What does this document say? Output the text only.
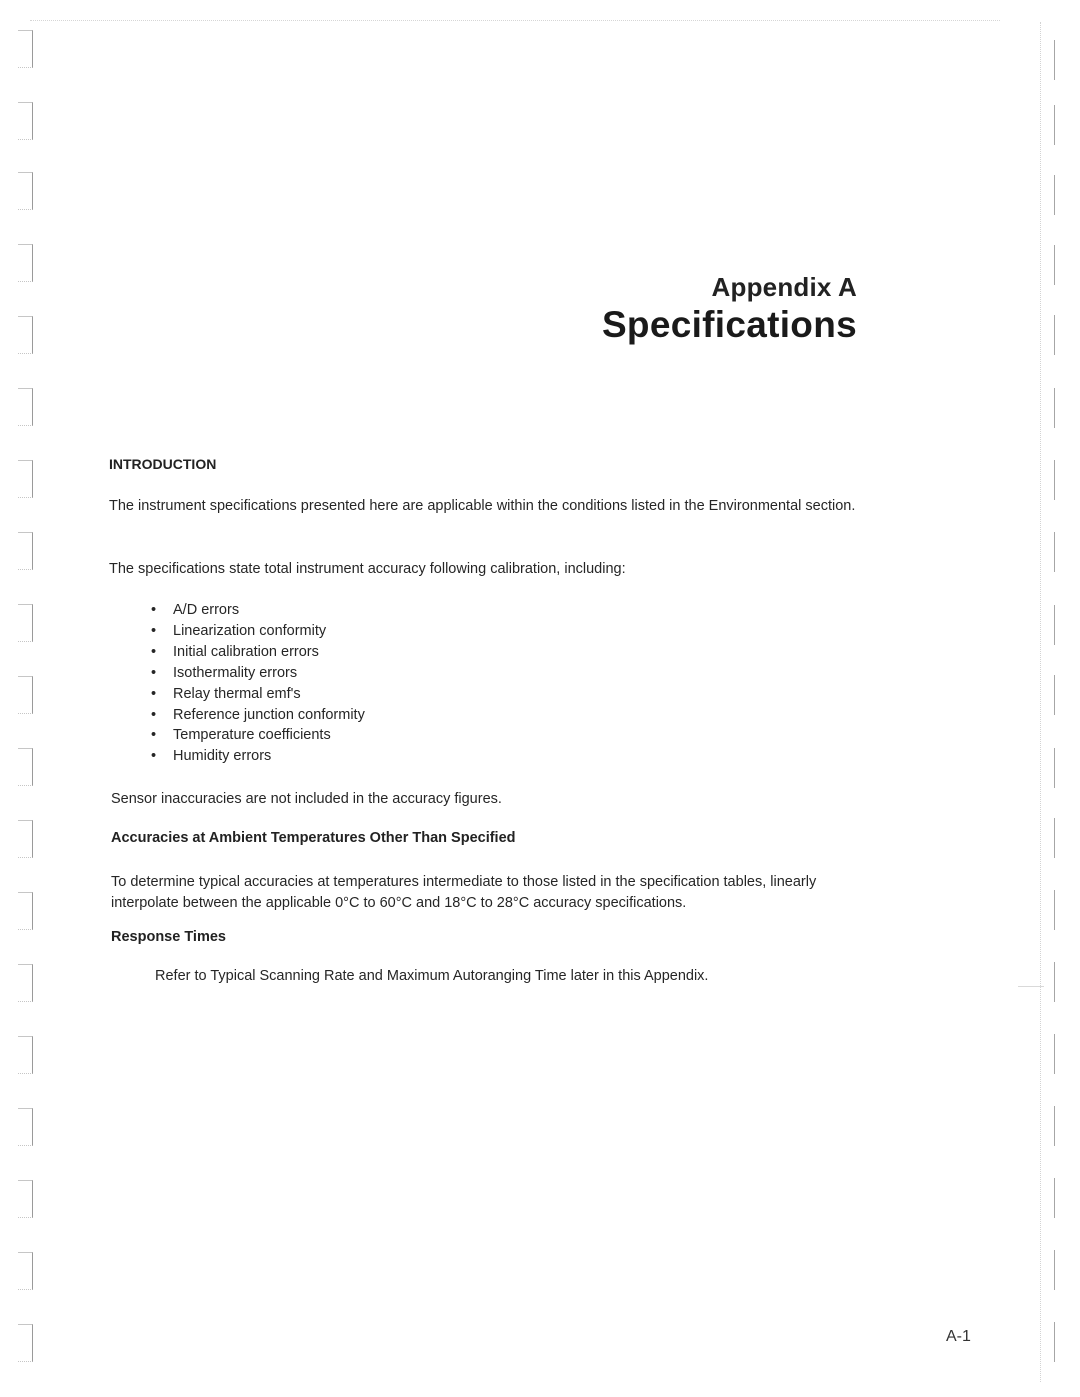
Appendix A
Specifications
INTRODUCTION
The instrument specifications presented here are applicable within the conditions listed in the Environmental section.
The specifications state total instrument accuracy following calibration, including:
• A/D errors
• Linearization conformity
• Initial calibration errors
• Isothermality errors
• Relay thermal emf's
• Reference junction conformity
• Temperature coefficients
• Humidity errors
Sensor inaccuracies are not included in the accuracy figures.
Accuracies at Ambient Temperatures Other Than Specified
To determine typical accuracies at temperatures intermediate to those listed in the specification tables, linearly interpolate between the applicable 0°C to 60°C and 18°C to 28°C accuracy specifications.
Response Times
Refer to Typical Scanning Rate and Maximum Autoranging Time later in this Appendix.
A-1
